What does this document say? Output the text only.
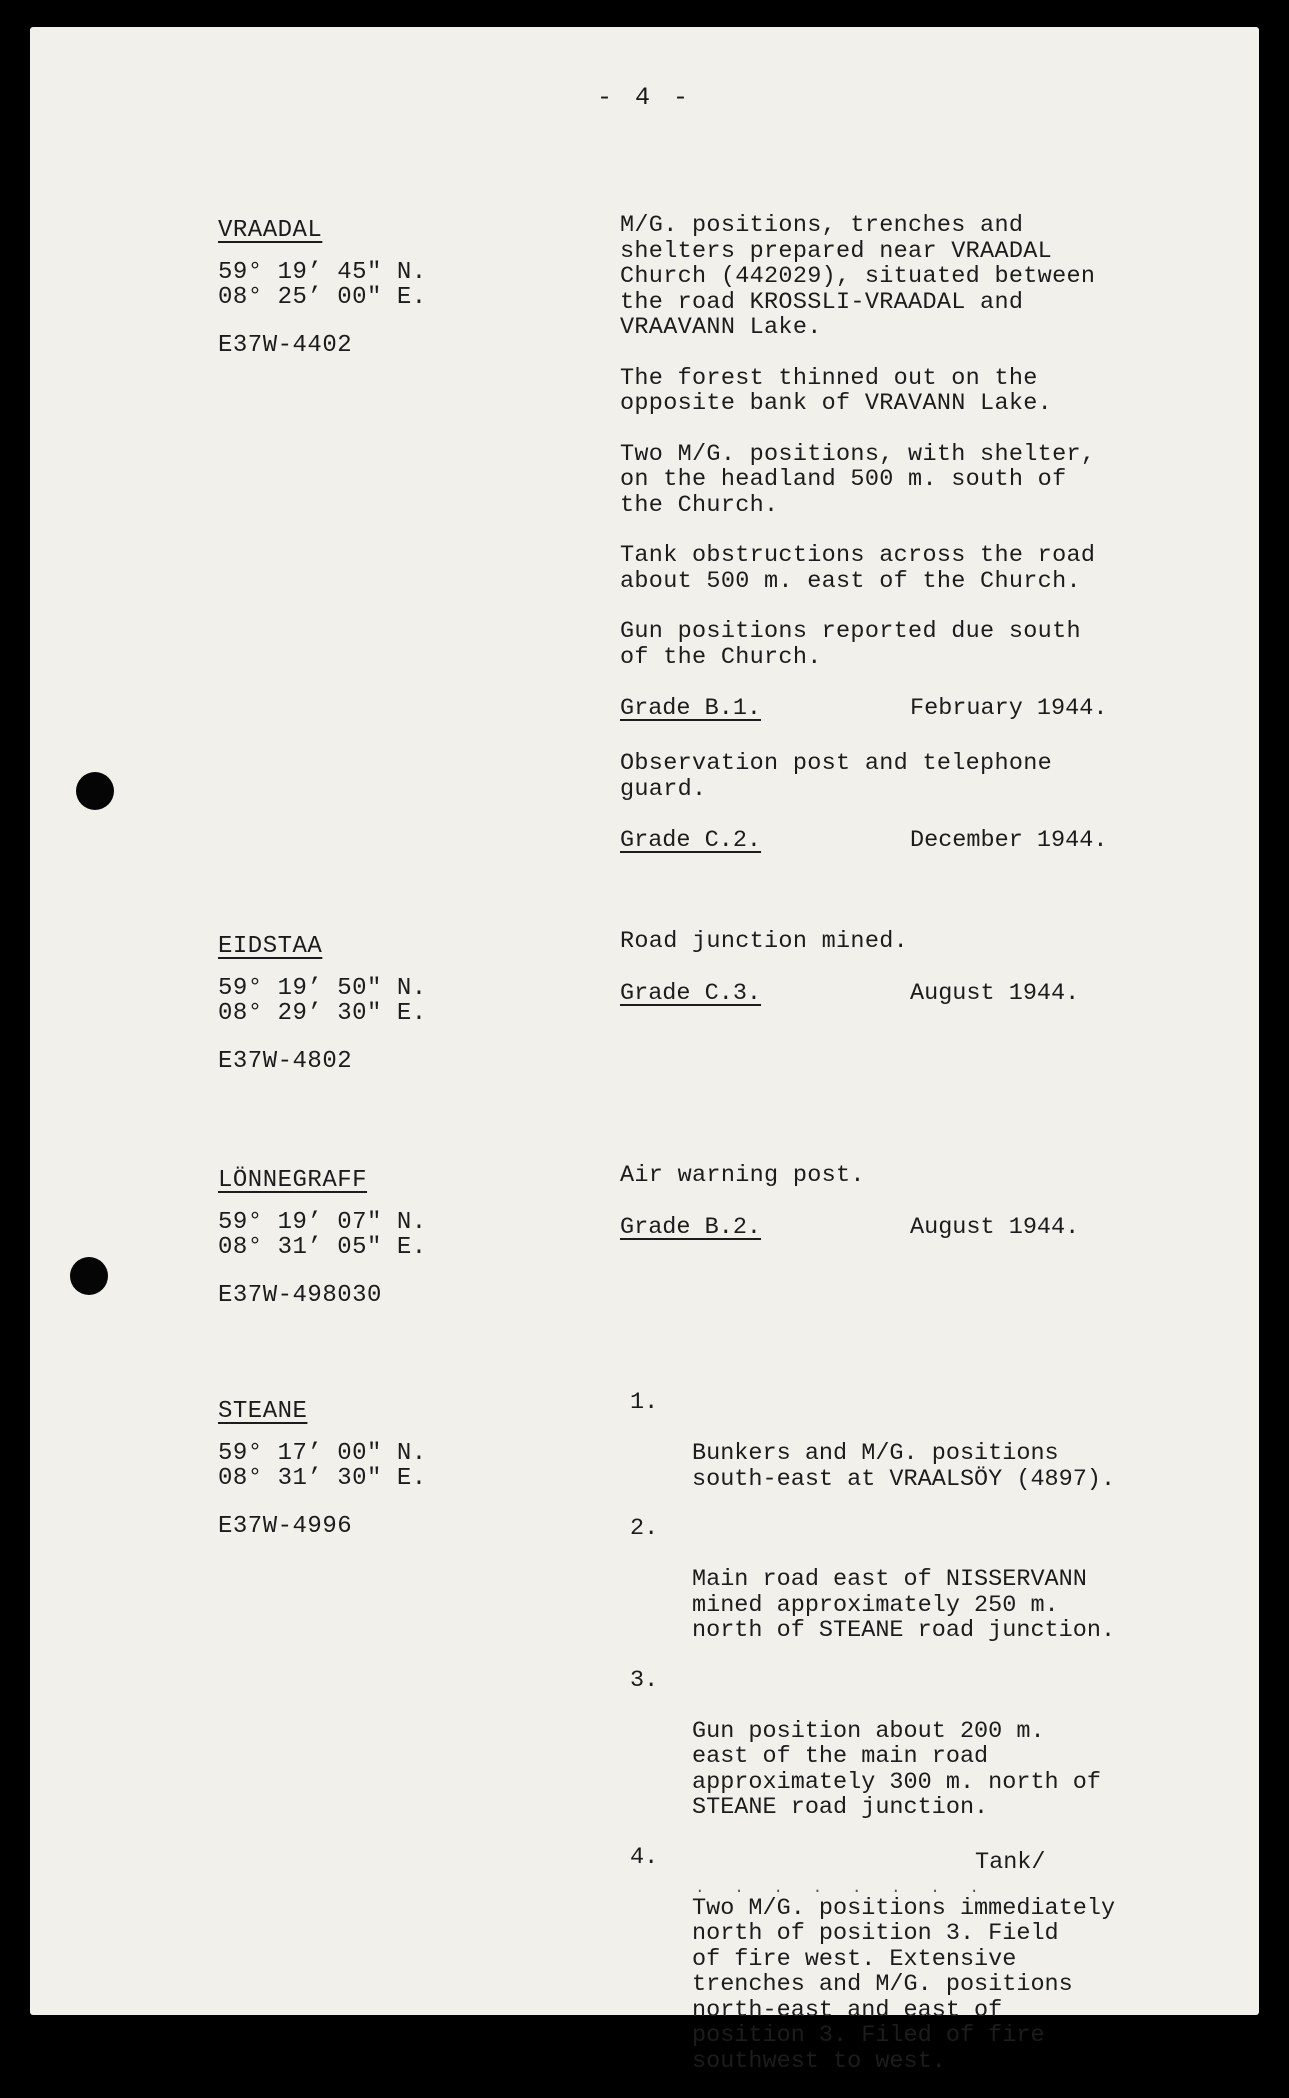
- 4 -

VRAADAL

59° 19’ 45" N.

08° 25’ 00" E.

E37W-4402

M/G. positions, trenches and
shelters prepared near VRAADAL
Church (442029), situated between
the road KROSSLI-VRAADAL and
VRAAVANN Lake.

The forest thinned out on the
opposite bank of VRAVANN Lake.

Two M/G. positions, with shelter,
on the headland 500 m. south of
the Church.

Tank obstructions across the road
about 500 m. east of the Church.

Gun positions reported due south
of the Church.

Grade B.1.	February 1944.

Observation post and telephone
guard.

Grade C.2.	December 1944.

EIDSTAA

59° 19’ 50" N.

08° 29’ 30" E.

E37W-4802

Road junction mined.

Grade C.3.	August 1944.

LÖNNEGRAFF

59° 19’ 07" N.

08° 31’ 05" E.

E37W-498030

Air warning post.

Grade B.2.	August 1944.

STEANE

59° 17’ 00" N.

08° 31’ 30" E.

E37W-4996

1.

Bunkers and M/G. positions
south-east at VRAALSÖY (4897).

2.

Main road east of NISSERVANN
mined approximately 250 m.
north of STEANE road junction.

3.

Gun position about 200 m.
east of the main road
approximately 300 m. north of
STEANE road junction.

4.

Two M/G. positions immediately
north of position 3. Field
of fire west. Extensive
trenches and M/G. positions
north-east and east of
position 3. Filed of fire
southwest to west.

Tank/
. . . . . . . .
